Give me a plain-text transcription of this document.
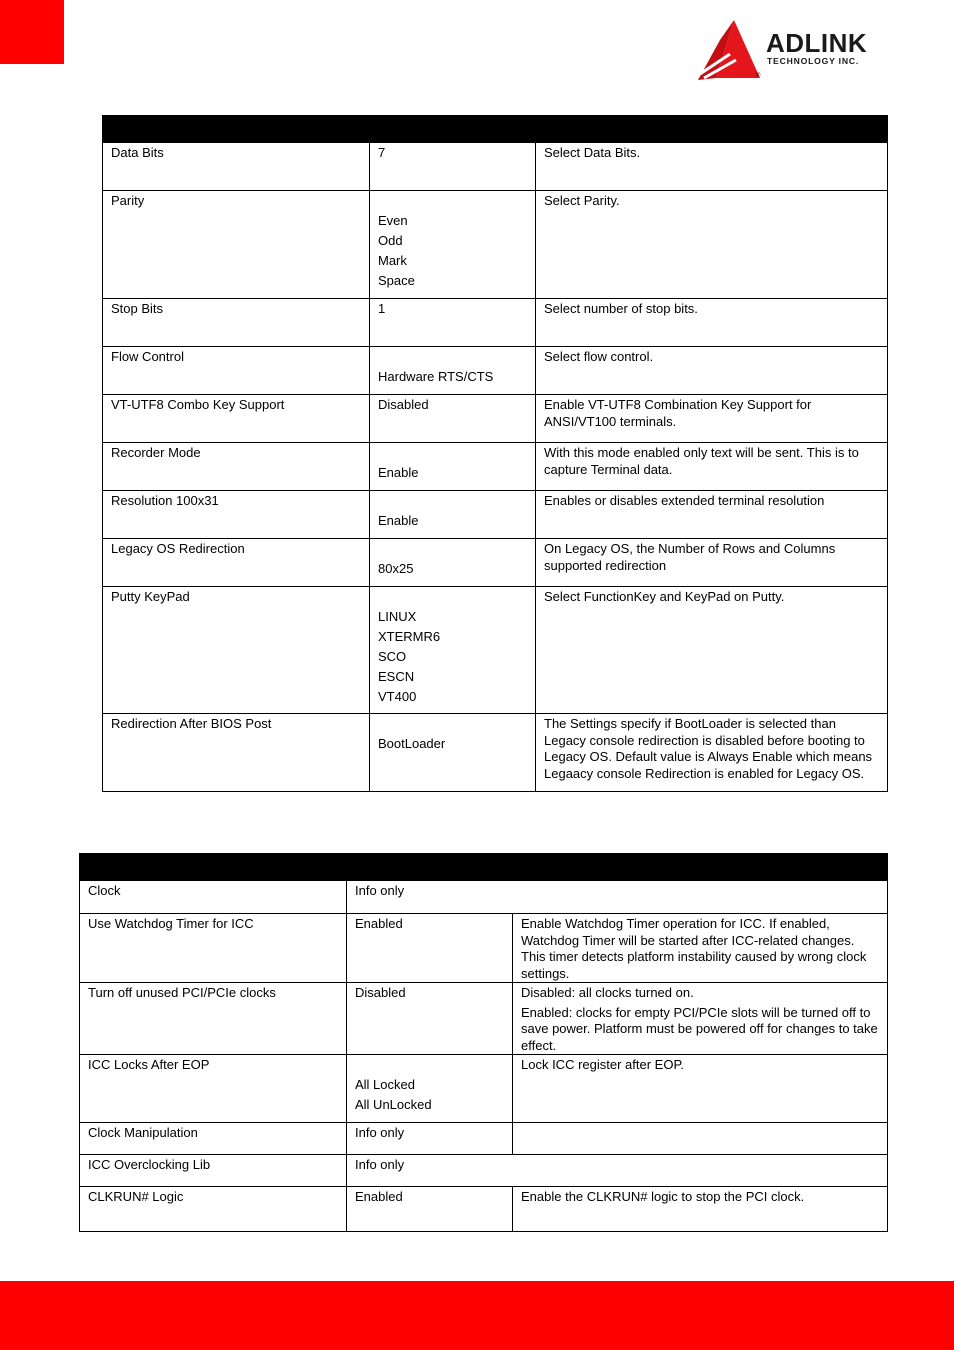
ADLINK
TECHNOLOGY INC.
®

Data Bits	7	Select Data Bits.

Parity	Even
Odd
Mark
Space	Select Parity.

Stop Bits	1	Select number of stop bits.

Flow Control	Hardware RTS/CTS	Select flow control.

VT-UTF8 Combo Key Support	Disabled	Enable VT-UTF8 Combination Key Support for ANSI/VT100 terminals.

Recorder Mode	Enable	With this mode enabled only text will be sent. This is to capture Terminal data.

Resolution 100x31	Enable	Enables or disables extended terminal resolution

Legacy OS Redirection	80x25	On Legacy OS, the Number of Rows and Columns supported redirection

Putty KeyPad	LINUX
XTERMR6
SCO
ESCN
VT400	Select FunctionKey and KeyPad on Putty.

Redirection After BIOS Post	BootLoader	The Settings specify if BootLoader is selected than Legacy console redirection is disabled before booting to Legacy OS. Default value is Always Enable which means Legaacy console Redirection is enabled for Legacy OS.

Clock	Info only	

Use Watchdog Timer for ICC	Enabled	Enable Watchdog Timer operation for ICC. If enabled, Watchdog Timer will be started after ICC-related changes. This timer detects platform instability caused by wrong clock settings.

Turn off unused PCI/PCIe clocks	Disabled	Disabled: all clocks turned on.
Enabled: clocks for empty PCI/PCIe slots will be turned off to save power. Platform must be powered off for changes to take effect.

ICC Locks After EOP	All Locked
All UnLocked	Lock ICC register after EOP.

Clock Manipulation	Info only	

ICC Overclocking Lib	Info only	

CLKRUN# Logic	Enabled	Enable the CLKRUN# logic to stop the PCI clock.
